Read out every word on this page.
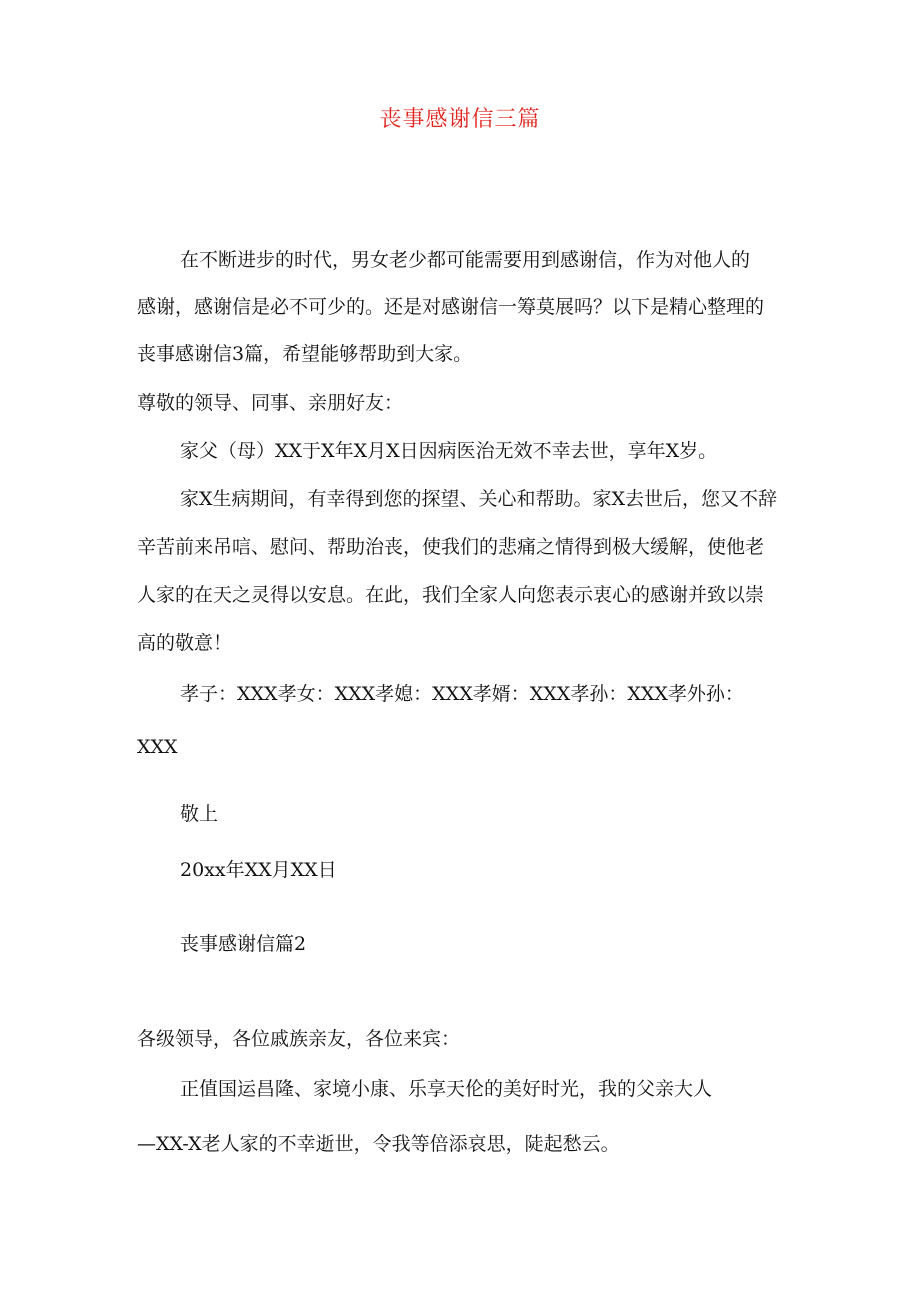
丧事感谢信三篇
在不断进步的时代，男女老少都可能需要用到感谢信，作为对他人的
感谢，感谢信是必不可少的。还是对感谢信一筹莫展吗？以下是精心整理的
丧事感谢信3篇，希望能够帮助到大家。
尊敬的领导、同事、亲朋好友：
家父（母）XX于X年X月X日因病医治无效不幸去世，享年X岁。
家X生病期间，有幸得到您的探望、关心和帮助。家X去世后，您又不辞
辛苦前来吊唁、慰问、帮助治丧，使我们的悲痛之情得到极大缓解，使他老
人家的在天之灵得以安息。在此，我们全家人向您表示衷心的感谢并致以崇
高的敬意！
孝子：XXX孝女：XXX孝媳：XXX孝婿：XXX孝孙：XXX孝外孙：
XXX
敬上
20xx年XX月XX日
丧事感谢信篇2
各级领导，各位戚族亲友，各位来宾：
正值国运昌隆、家境小康、乐享天伦的美好时光，我的父亲大人
—XX-X老人家的不幸逝世，令我等倍添哀思，陡起愁云。
